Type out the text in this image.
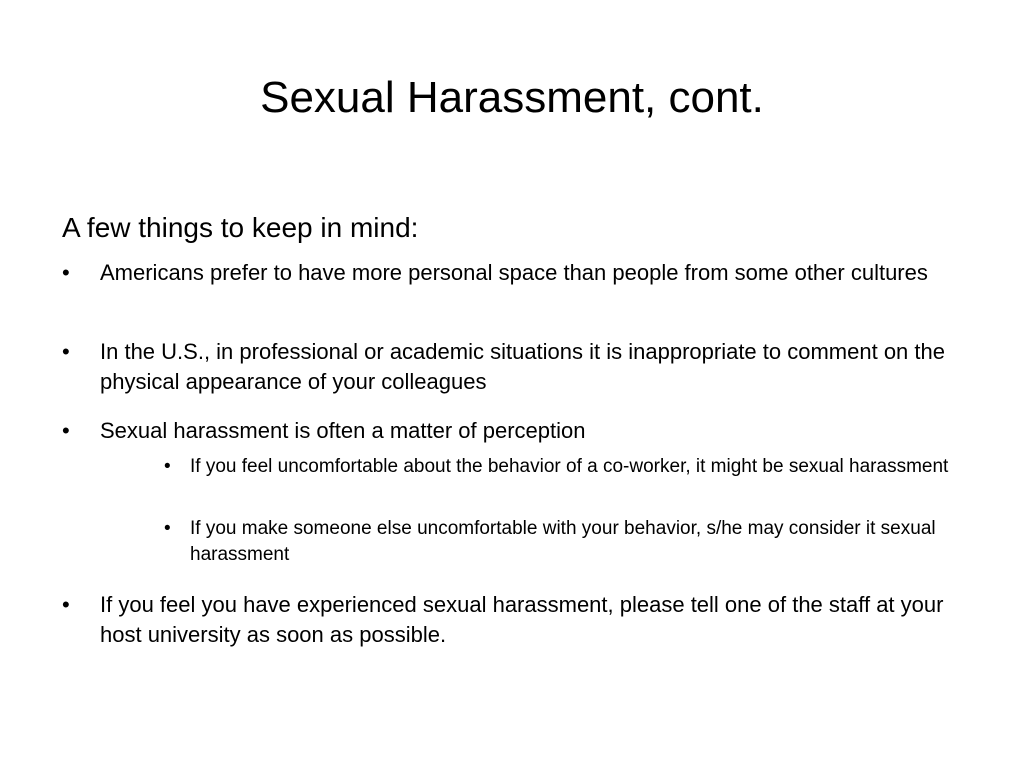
Sexual Harassment, cont.

A few things to keep in mind:

• Americans prefer to have more personal space than people from some other cultures
• In the U.S., in professional or academic situations it is inappropriate to comment on the physical appearance of your colleagues
• Sexual harassment is often a matter of perception
• If you feel uncomfortable about the behavior of a co-worker, it might be sexual harassment
• If you make someone else uncomfortable with your behavior, s/he may consider it sexual harassment
• If you feel you have experienced sexual harassment, please tell one of the staff at your host university as soon as possible.
